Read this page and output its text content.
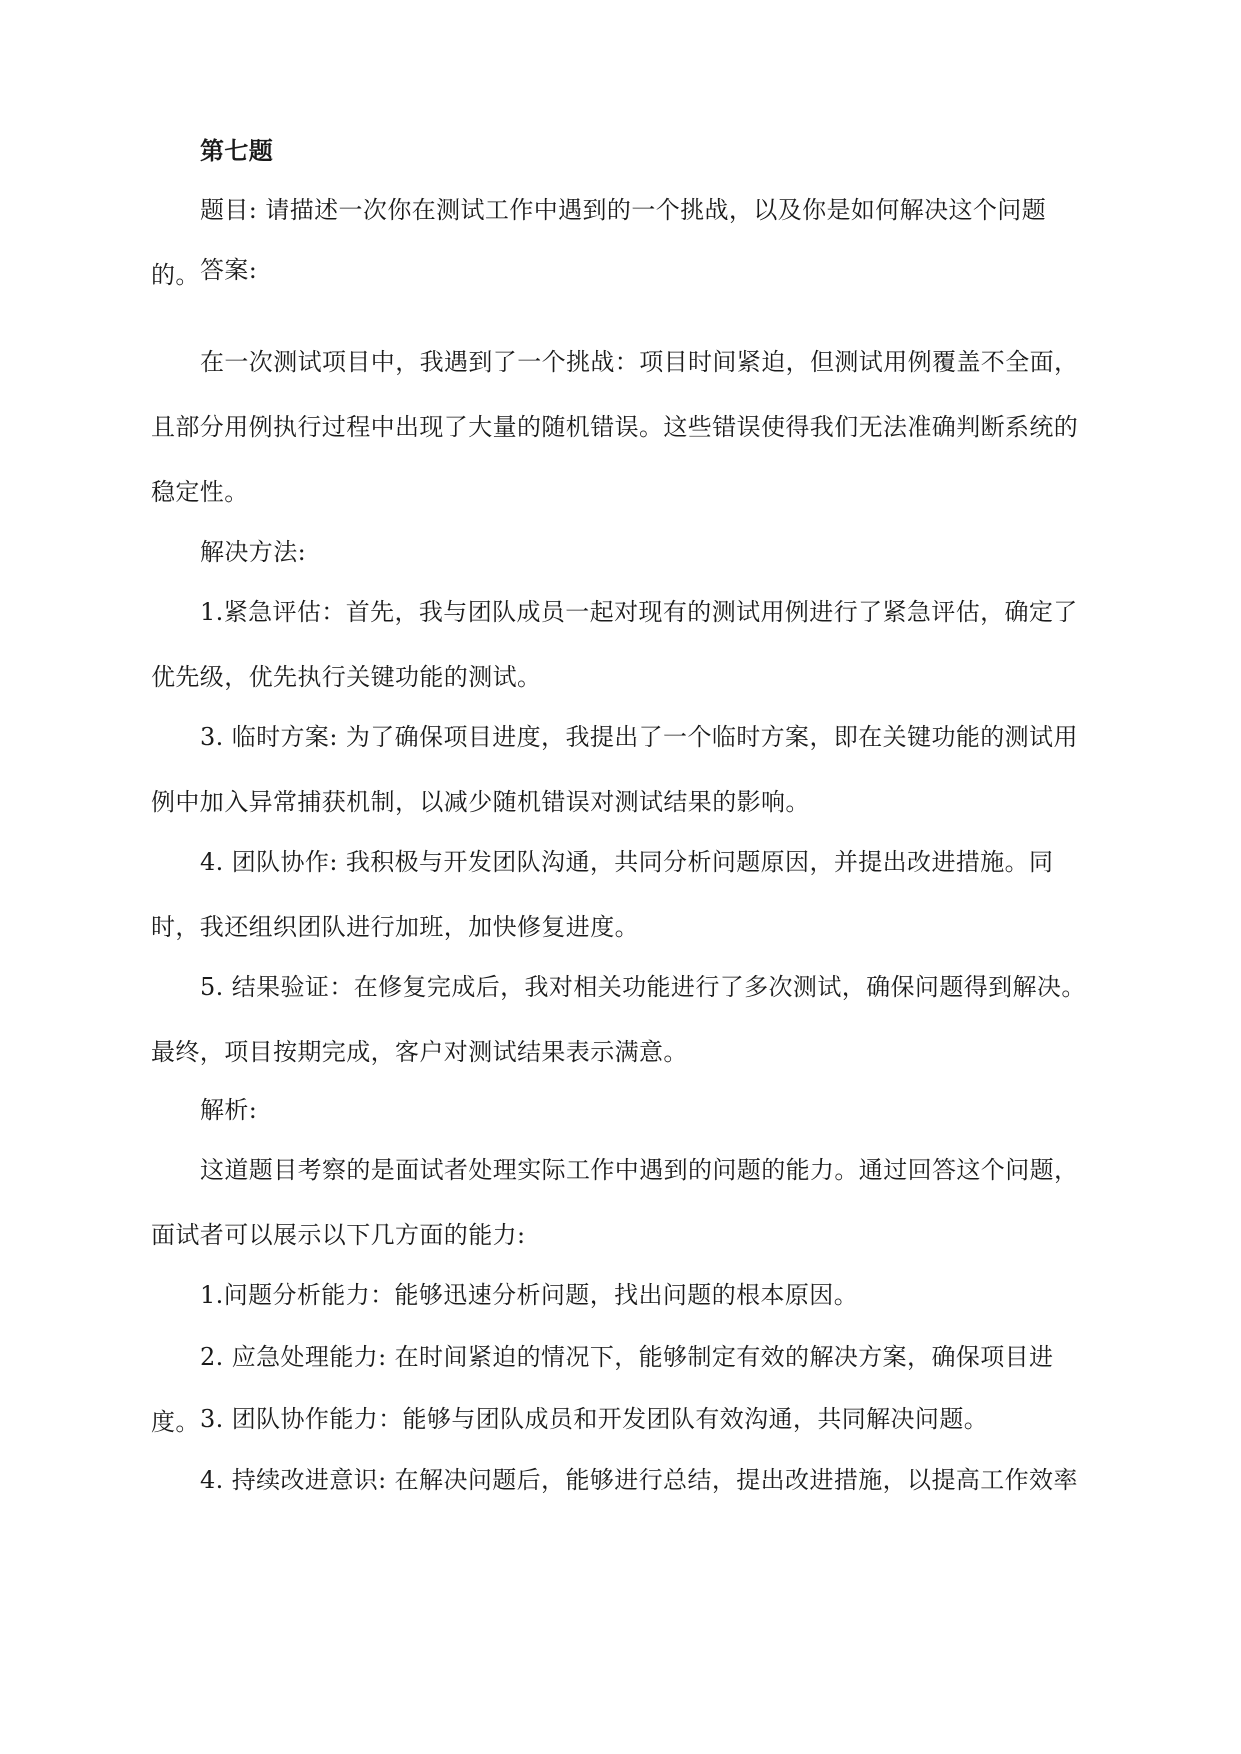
第七题

题目: 请描述一次你在测试工作中遇到的一个挑战，以及你是如何解决这个问题的。 答案:

在一次测试项目中，我遇到了一个挑战：项目时间紧迫，但测试用例覆盖不全面，且部分用例执行过程中出现了大量的随机错误。这些错误使得我们无法准确判断系统的稳定性。

解决方法:

1.紧急评估：首先，我与团队成员一起对现有的测试用例进行了紧急评估，确定了优先级，优先执行关键功能的测试。

3. 临时方案: 为了确保项目进度，我提出了一个临时方案，即在关键功能的测试用例中加入异常捕获机制，以减少随机错误对测试结果的影响。

4. 团队协作: 我积极与开发团队沟通，共同分析问题原因，并提出改进措施。同时，我还组织团队进行加班，加快修复进度。

5. 结果验证：在修复完成后，我对相关功能进行了多次测试，确保问题得到解决。最终，项目按期完成，客户对测试结果表示满意。

解析:

这道题目考察的是面试者处理实际工作中遇到的问题的能力。通过回答这个问题，面试者可以展示以下几方面的能力:

1.问题分析能力：能够迅速分析问题，找出问题的根本原因。

2. 应急处理能力: 在时间紧迫的情况下，能够制定有效的解决方案，确保项目进度。 3. 团队协作能力：能够与团队成员和开发团队有效沟通，共同解决问题。

4. 持续改进意识: 在解决问题后，能够进行总结，提出改进措施，以提高工作效率
